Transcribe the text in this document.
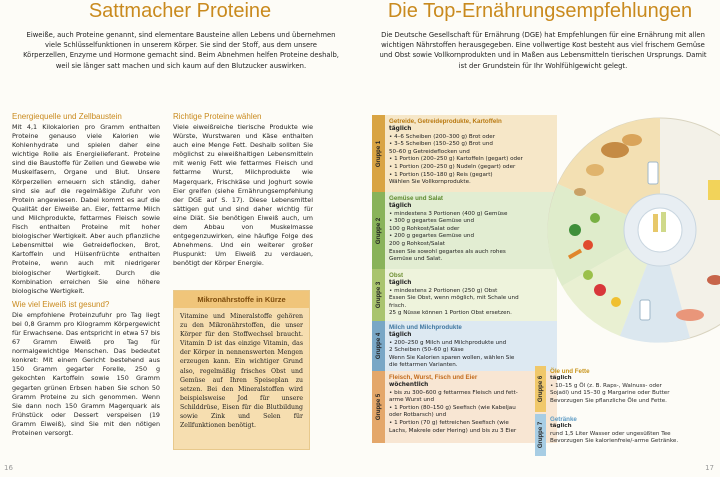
Sattmacher Proteine
Eiweiße, auch Proteine genannt, sind elementare Bausteine allen Lebens und übernehmen viele Schlüsselfunktionen in unserem Körper. Sie sind der Stoff, aus dem unsere Körperzellen, Enzyme und Hormone gemacht sind. Beim Abnehmen helfen Proteine deshalb, weil sie länger satt machen und sich kaum auf den Blutzucker auswirken.
Energiequelle und Zellbaustein

Mit 4,1 Kilokalorien pro Gramm enthalten Proteine genauso viele Kalorien wie Kohlenhydrate und spielen daher eine wichtige Rolle als Energielieferant. Proteine sind die Baustoffe für Zellen und Gewebe wie Muskelfasern, Organe und Blut. Unsere Körperzellen erneuern sich ständig, daher sind sie auf die regelmäßige Zufuhr von Protein angewiesen. Dabei kommt es auf die Qualität der Eiweiße an. Eier, fettarme Milch und Milchprodukte, fettarmes Fleisch sowie Fisch enthalten Proteine mit hoher biologischer Wertigkeit. Aber auch pflanzliche Lebensmittel wie Getreideflocken, Brot, Kartoffeln und Hülsenfrüchte enthalten Proteine, wenn auch mit niedrigerer biologischer Wertigkeit. Durch die Kombination erreichen Sie eine höhere biologische Wertigkeit.

Wie viel Eiweiß ist gesund?

Die empfohlene Proteinzufuhr pro Tag liegt bei 0,8 Gramm pro Kilogramm Körpergewicht für Erwachsene. Das entspricht in etwa 57 bis 67 Gramm Eiweiß pro Tag für normalgewichtige Menschen. Das bedeutet konkret: Mit einem Gericht bestehend aus 150 Gramm gegarter Forelle, 250 g gekochten Kartoffeln sowie 150 Gramm gegarten grünen Erbsen haben Sie schon 50 Gramm Proteine zu sich genommen. Wenn Sie dann noch 150 Gramm Magerquark als Frühstück oder Dessert verspeisen (19 Gramm Eiweiß), sind Sie mit den nötigen Proteinen versorgt.

Richtige Proteine wählen

Viele eiweißreiche tierische Produkte wie Würste, Wurstwaren und Käse enthalten auch eine Menge Fett. Deshalb sollten Sie möglichst zu eiweißhaltigen Lebensmitteln mit wenig Fett wie fettarmes Fleisch und fettarme Wurst, Milchprodukte wie Magerquark, Frischkäse und Joghurt sowie Eier greifen (siehe Ernährungsempfehlung der DGE auf S. 17). Diese Lebensmittel sättigen gut und sind daher wichtig für eine Diät. Sie benötigen Eiweiß auch, um dem Abbau von Muskelmasse entgegenzuwirken, eine häufige Folge des Abnehmens. Und ein weiterer großer Pluspunkt: Um Eiweiß zu verdauen, benötigt der Körper Energie.

Mikronährstoffe in Kürze
Vitamine und Mineralstoffe gehören zu den Mikronährstoffen, die unser Körper für den Stoffwechsel braucht. Vitamin D ist das einzige Vitamin, das der Körper in nennenswerten Mengen erzeugen kann. Ein wichtiger Grund also, regelmäßig frisches Obst und Gemüse auf Ihren Speiseplan zu setzen. Bei den Mineralstoffen wird beispielsweise Jod für unsere Schilddrüse, Eisen für die Blutbildung sowie Zink und Selen für Zellfunktionen benötigt.
16
Die Top-Ernährungsempfehlungen
Die Deutsche Gesellschaft für Ernährung (DGE) hat Empfehlungen für eine Ernährung mit allen wichtigen Nährstoffen herausgegeben. Eine vollwertige Kost besteht aus viel frischem Gemüse und Obst sowie Vollkornprodukten und in Maßen aus Lebensmitteln tierischen Ursprungs. Damit ist der Grundstein für Ihr Wohlfühlgewicht gelegt.
Gruppe 1
Getreide, Getreideprodukte, Kartoffeln
täglich
• 4–6 Scheiben (200–300 g) Brot oder
• 3–5 Scheiben (150–250 g) Brot und
50–60 g Getreideflocken und
• 1 Portion (200–250 g) Kartoffeln (gegart) oder
• 1 Portion (200–250 g) Nudeln (gegart) oder
• 1 Portion (150–180 g) Reis (gegart)
Wählen Sie Vollkornprodukte.
Gruppe 2
Gemüse und Salat
täglich
• mindestens 3 Portionen (400 g) Gemüse
• 300 g gegartes Gemüse und
100 g Rohkost/Salat oder
• 200 g gegartes Gemüse und
200 g Rohkost/Salat
Essen Sie sowohl gegartes als auch rohes
Gemüse und Salat.
Gruppe 3
Obst
täglich
• mindestens 2 Portionen (250 g) Obst
Essen Sie Obst, wenn möglich, mit Schale und
frisch.
25 g Nüsse können 1 Portion Obst ersetzen.
Gruppe 4
Milch und Milchprodukte
täglich
• 200–250 g Milch und Milchprodukte und
2 Scheiben (50–60 g) Käse
Wenn Sie Kalorien sparen wollen, wählen Sie
die fettarmen Varianten.
Gruppe 5
Fleisch, Wurst, Fisch und Eier
wöchentlich
• bis zu 300–600 g fettarmes Fleisch und fett-
arme Wurst und
• 1 Portion (80–150 g) Seefisch (wie Kabeljau
oder Rotbarsch) und
• 1 Portion (70 g) fettreichen Seefisch (wie
Lachs, Makrele oder Hering) und bis zu 3 Eier
Gruppe 6
Öle und Fette
täglich
• 10–15 g Öl (z. B. Raps-, Walnuss- oder
Sojaöl) und 15–30 g Margarine oder Butter
Bevorzugen Sie pflanzliche Öle und Fette.
Gruppe 7
Getränke
täglich
rund 1,5 Liter Wasser oder ungesüßten Tee
Bevorzugen Sie kalorienfreie/-arme Getränke.
17
